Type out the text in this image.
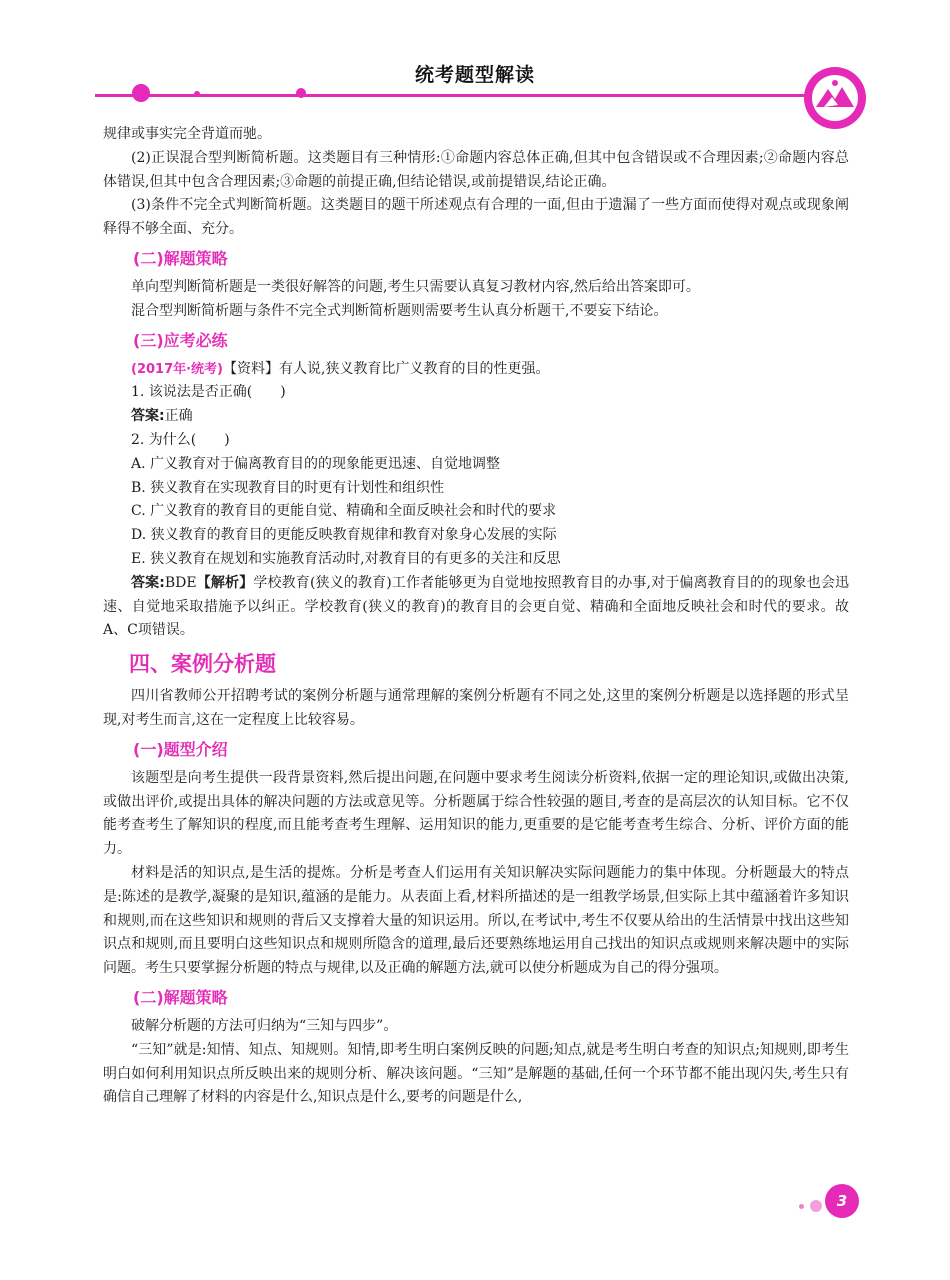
统考题型解读

规律或事实完全背道而驰。

(2)正误混合型判断简析题。这类题目有三种情形:①命题内容总体正确,但其中包含错误或不合理因素;②命题内容总体错误,但其中包含合理因素;③命题的前提正确,但结论错误,或前提错误,结论正确。

(3)条件不完全式判断简析题。这类题目的题干所述观点有合理的一面,但由于遗漏了一些方面而使得对观点或现象阐释得不够全面、充分。

(二)解题策略

单向型判断简析题是一类很好解答的问题,考生只需要认真复习教材内容,然后给出答案即可。

混合型判断简析题与条件不完全式判断简析题则需要考生认真分析题干,不要妄下结论。

(三)应考必练

(2017年·统考)【资料】有人说,狭义教育比广义教育的目的性更强。

1. 该说法是否正确(　　)

答案:正确

2. 为什么(　　)

A. 广义教育对于偏离教育目的的现象能更迅速、自觉地调整

B. 狭义教育在实现教育目的时更有计划性和组织性

C. 广义教育的教育目的更能自觉、精确和全面反映社会和时代的要求

D. 狭义教育的教育目的更能反映教育规律和教育对象身心发展的实际

E. 狭义教育在规划和实施教育活动时,对教育目的有更多的关注和反思

答案:BDE【解析】学校教育(狭义的教育)工作者能够更为自觉地按照教育目的办事,对于偏离教育目的的现象也会迅速、自觉地采取措施予以纠正。学校教育(狭义的教育)的教育目的会更自觉、精确和全面地反映社会和时代的要求。故A、C项错误。

四、案例分析题

四川省教师公开招聘考试的案例分析题与通常理解的案例分析题有不同之处,这里的案例分析题是以选择题的形式呈现,对考生而言,这在一定程度上比较容易。

(一)题型介绍

该题型是向考生提供一段背景资料,然后提出问题,在问题中要求考生阅读分析资料,依据一定的理论知识,或做出决策,或做出评价,或提出具体的解决问题的方法或意见等。分析题属于综合性较强的题目,考查的是高层次的认知目标。它不仅能考查考生了解知识的程度,而且能考查考生理解、运用知识的能力,更重要的是它能考查考生综合、分析、评价方面的能力。

材料是活的知识点,是生活的提炼。分析是考查人们运用有关知识解决实际问题能力的集中体现。分析题最大的特点是:陈述的是教学,凝聚的是知识,蕴涵的是能力。从表面上看,材料所描述的是一组教学场景,但实际上其中蕴涵着许多知识和规则,而在这些知识和规则的背后又支撑着大量的知识运用。所以,在考试中,考生不仅要从给出的生活情景中找出这些知识点和规则,而且要明白这些知识点和规则所隐含的道理,最后还要熟练地运用自己找出的知识点或规则来解决题中的实际问题。考生只要掌握分析题的特点与规律,以及正确的解题方法,就可以使分析题成为自己的得分强项。

(二)解题策略

破解分析题的方法可归纳为“三知与四步”。

“三知”就是:知情、知点、知规则。知情,即考生明白案例反映的问题;知点,就是考生明白考查的知识点;知规则,即考生明白如何利用知识点所反映出来的规则分析、解决该问题。“三知”是解题的基础,任何一个环节都不能出现闪失,考生只有确信自己理解了材料的内容是什么,知识点是什么,要考的问题是什么,

3
